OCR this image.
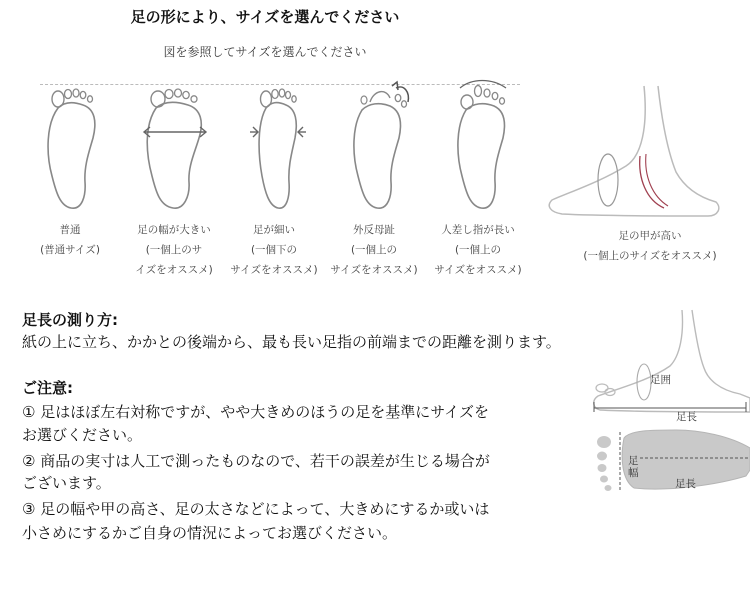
足の形により、サイズを選んでください
図を参照してサイズを選んでください
普通
(普通サイズ)
足の幅が大きい
(一個上のサ
イズをオススメ)
足が細い
(一個下の
サイズをオススメ)
外反母趾
(一個上の
サイズをオススメ)
人差し指が長い
(一個上の
サイズをオススメ)
足の甲が高い
(一個上のサイズをオススメ)
足長の測り方:
紙の上に立ち、かかとの後端から、最も長い足指の前端までの距離を測ります。
ご注意:
① 足はほぼ左右対称ですが、やや大きめのほうの足を基準にサイズを
お選びください。
② 商品の実寸は人工で測ったものなので、若干の誤差が生じる場合が
ございます。
③ 足の幅や甲の高さ、足の太さなどによって、大きめにするか或いは
小さめにするかご自身の情況によってお選びください。
足囲
足長
足幅
足長
